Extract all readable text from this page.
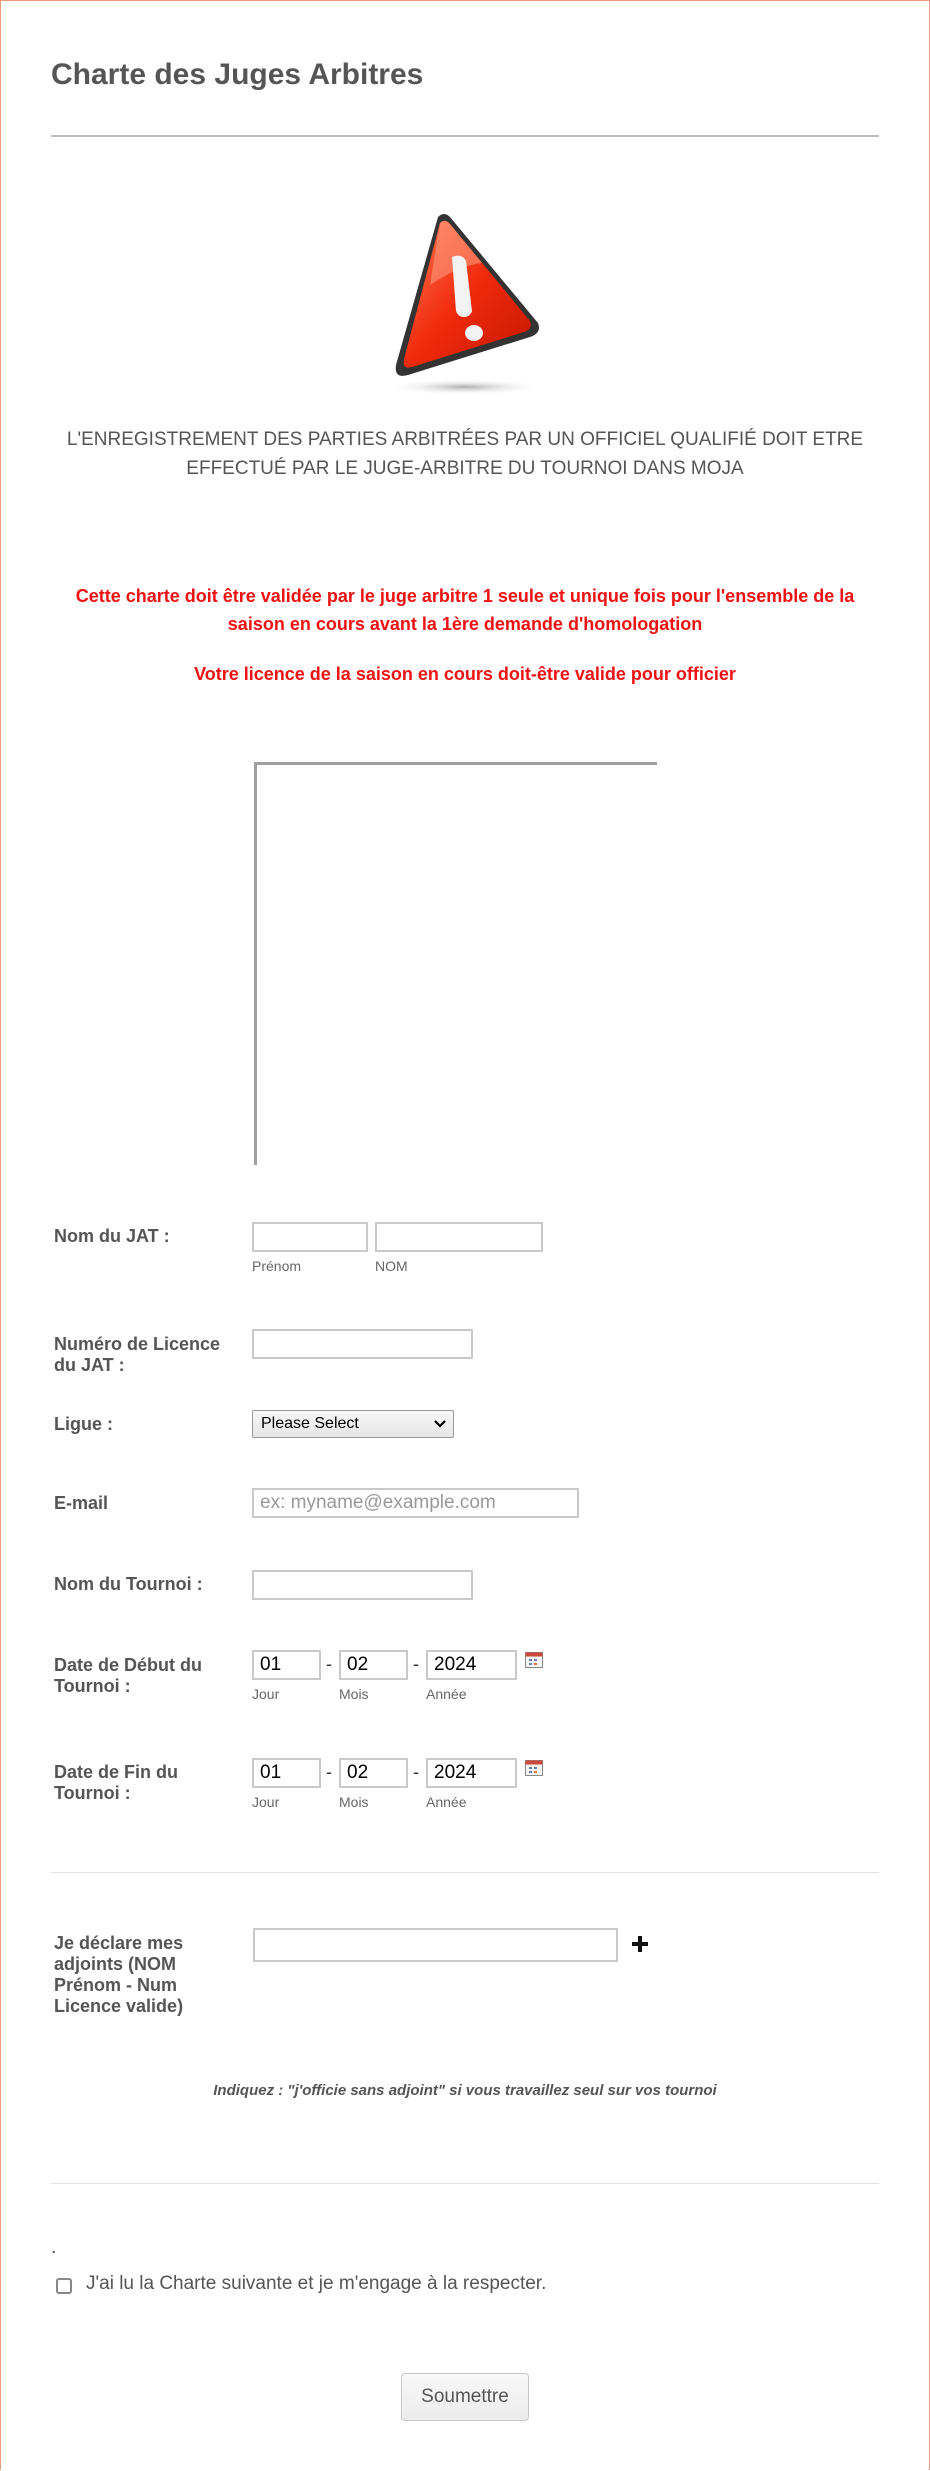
Charte des Juges Arbitres
L'ENREGISTREMENT DES PARTIES ARBITRÉES PAR UN OFFICIEL QUALIFIÉ DOIT ETRE EFFECTUÉ PAR LE JUGE-ARBITRE DU TOURNOI DANS MOJA
Cette charte doit être validée par le juge arbitre 1 seule et unique fois pour l'ensemble de la
saison en cours avant la 1ère demande d'homologation
Votre licence de la saison en cours doit-être valide pour officier
Nom du JAT :
Prénom	NOM
Numéro de Licence
du JAT :
Ligue :	Please Select
E-mail	ex: myname@example.com
Nom du Tournoi :
Date de Début du
Tournoi :
01	- 02	- 2024
Jour	Mois	Année
Date de Fin du
Tournoi :
01	- 02	- 2024
Jour	Mois	Année
Je déclare mes
adjoints (NOM
Prénom - Num
Licence valide)
Indiquez : "j'officie sans adjoint" si vous travaillez seul sur vos tournoi
.
J'ai lu la Charte suivante et je m'engage à la respecter.
Soumettre
